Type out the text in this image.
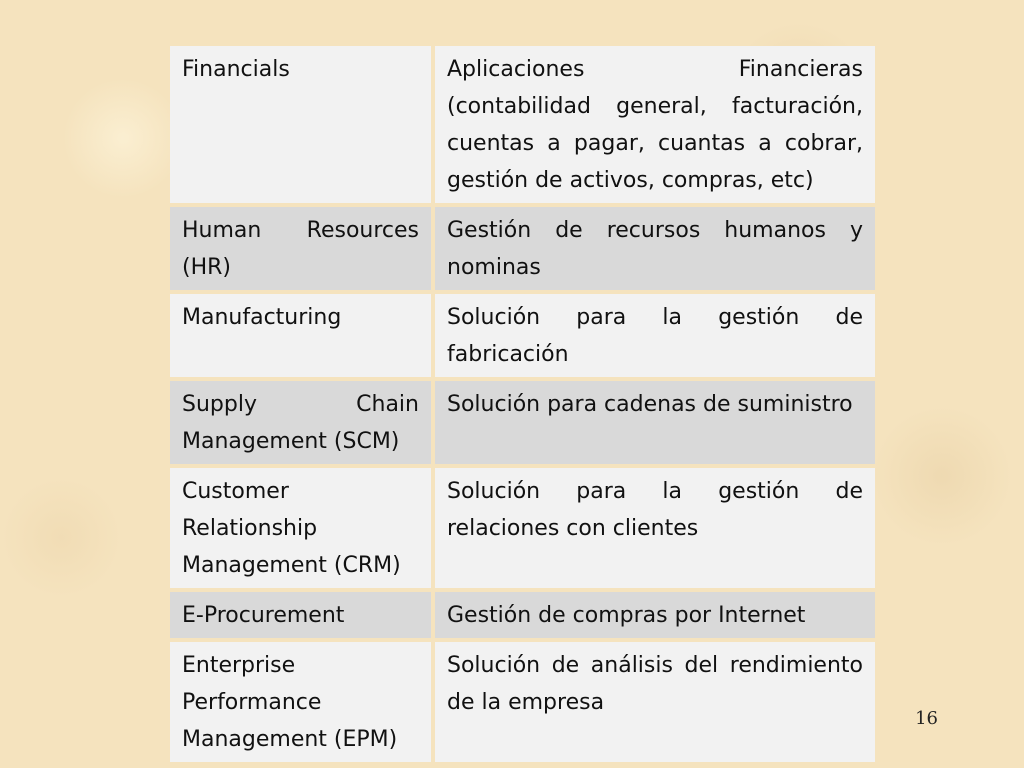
Financials	Aplicaciones Financieras (contabilidad general, facturación, cuentas a pagar, cuantas a cobrar, gestión de activos, compras, etc)
Human Resources (HR)	Gestión de recursos humanos y nominas
Manufacturing	Solución para la gestión de fabricación
Supply Chain Management (SCM)	Solución para cadenas de suministro
Customer Relationship Management (CRM)	Solución para la gestión de relaciones con clientes
E-Procurement	Gestión de compras por Internet
Enterprise Performance Management (EPM)	Solución de análisis del rendimiento de la empresa
16
